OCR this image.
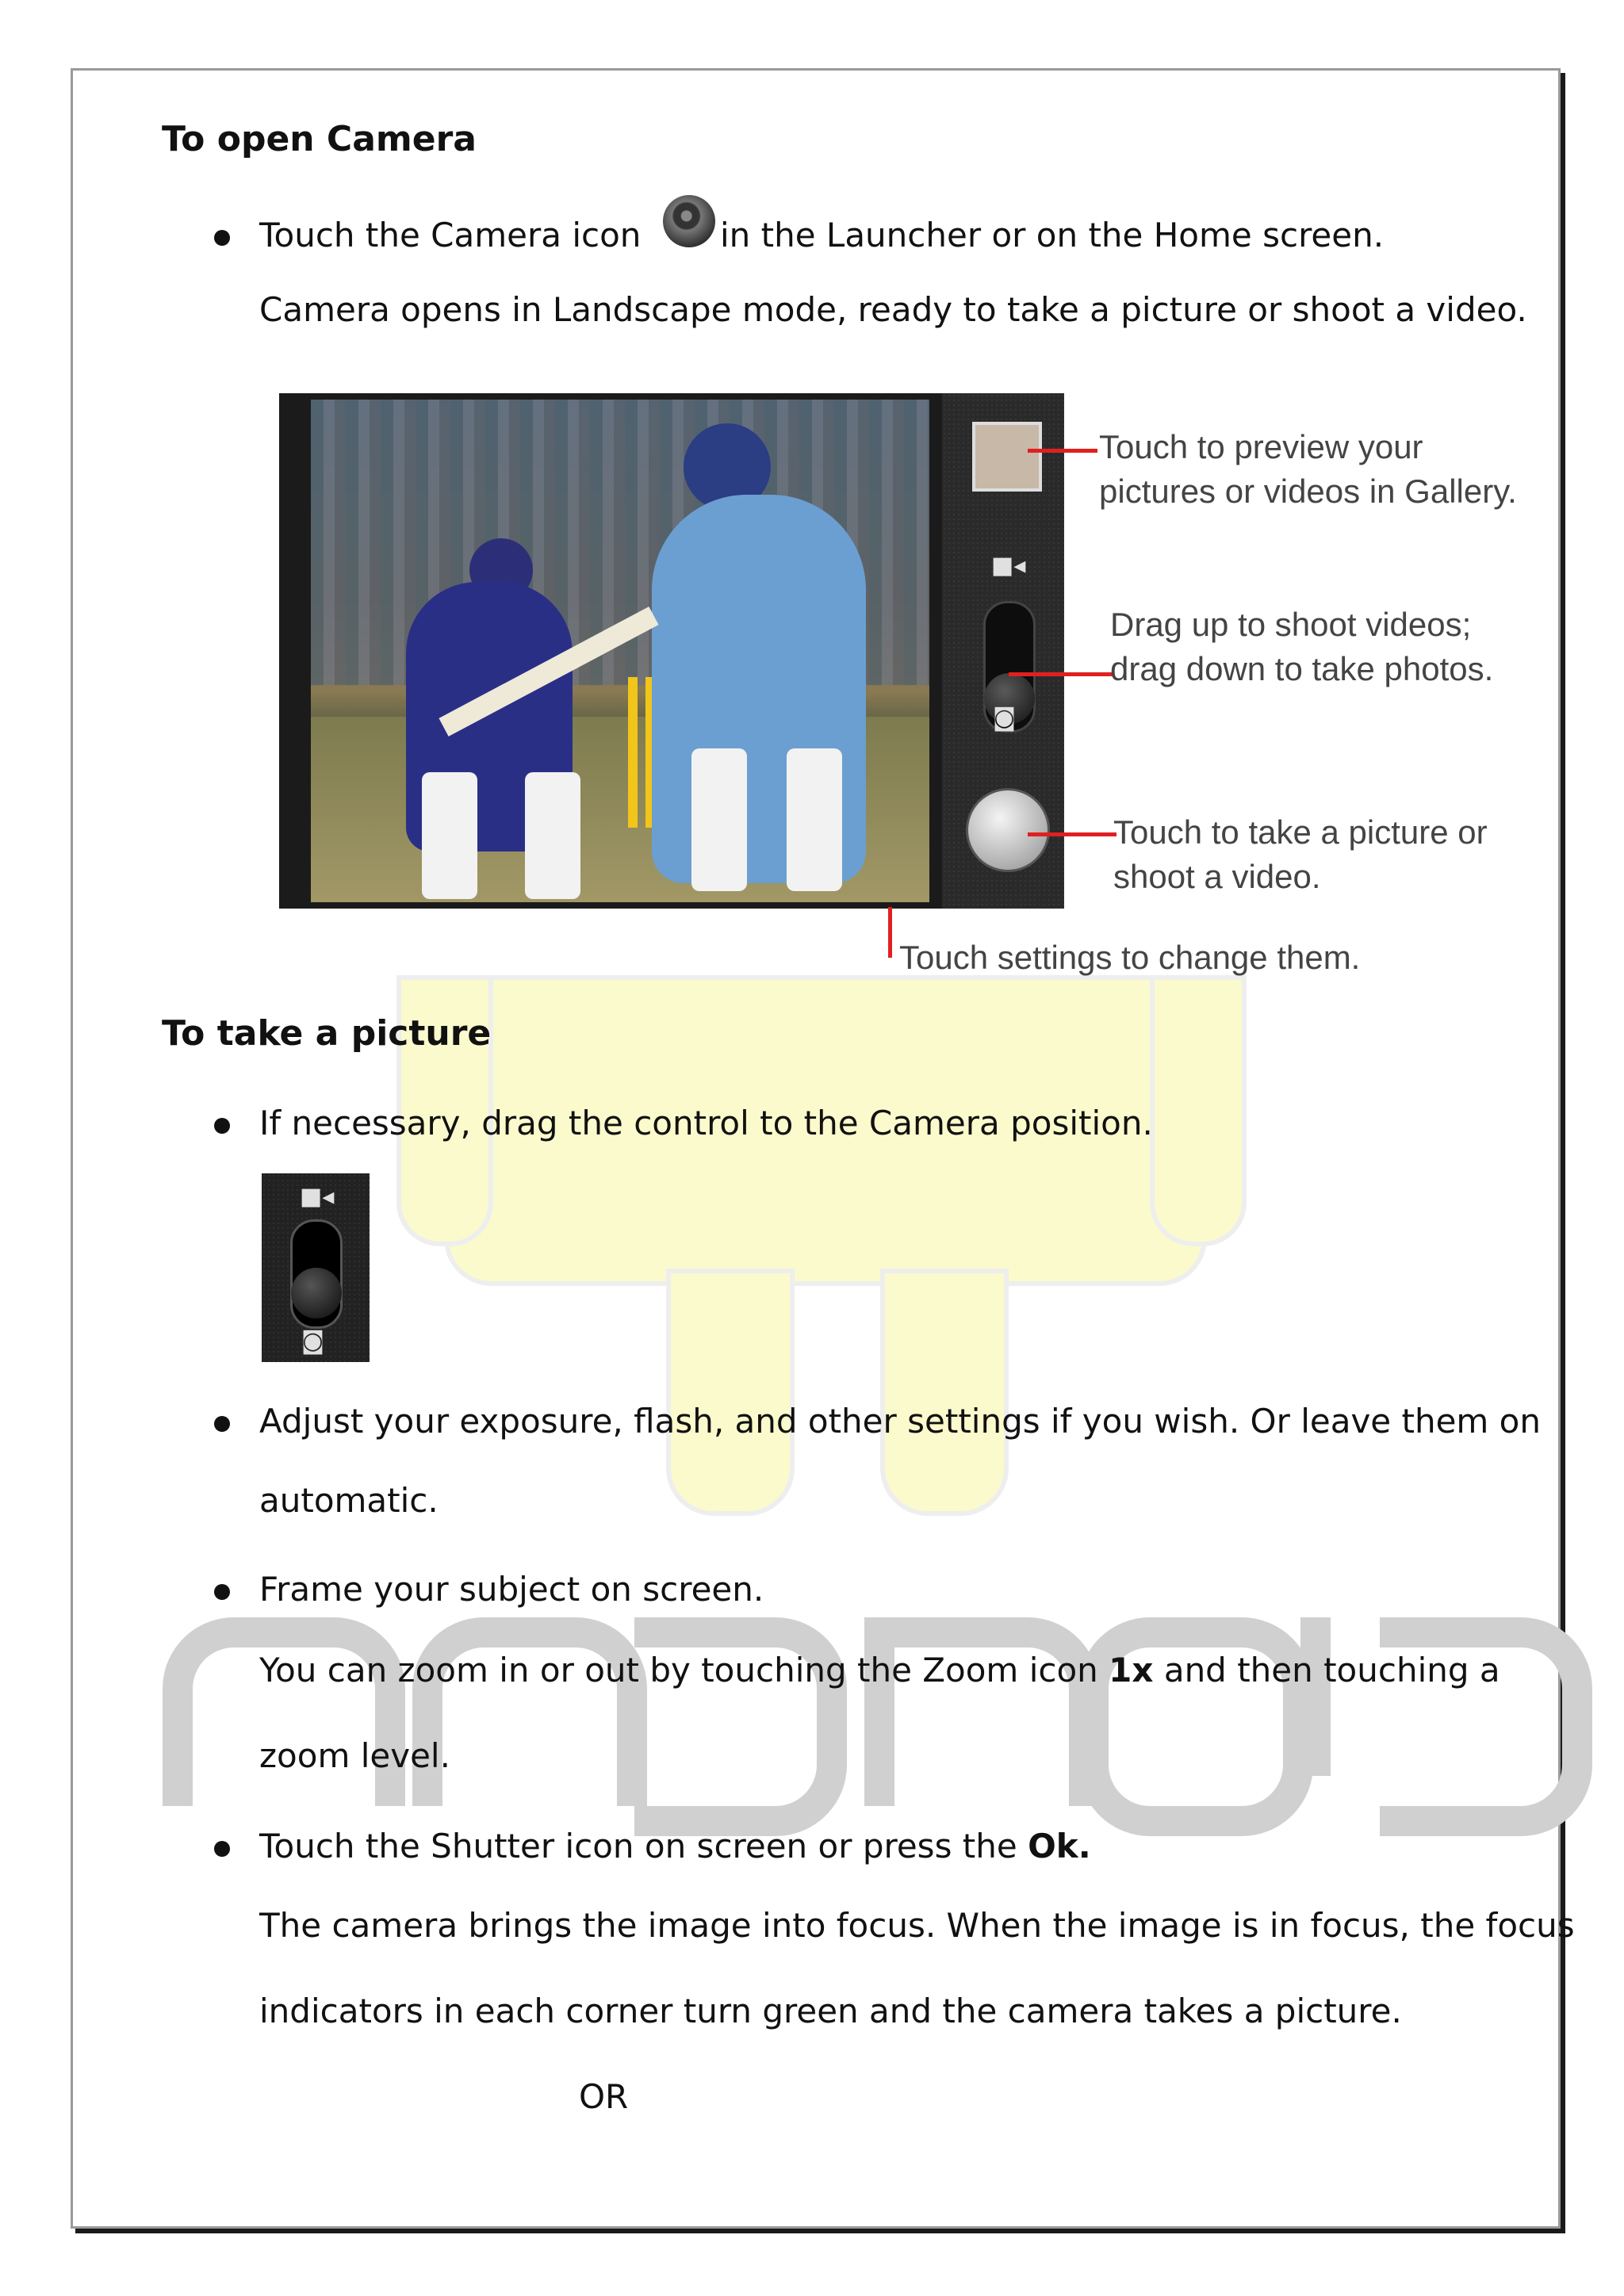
To open Camera
Touch the Camera icon in the Launcher or on the Home screen.
Camera opens in Landscape mode, ready to take a picture or shoot a video.
■◂
◙
Touch to preview your
pictures or videos in Gallery.
Drag up to shoot videos;
drag down to take photos.
Touch to take a picture or
shoot a video.
Touch settings to change them.
To take a picture
If necessary, drag the control to the Camera position.
■◂
◙
Adjust your exposure, flash, and other settings if you wish. Or leave them on
automatic.
Frame your subject on screen.
You can zoom in or out by touching the Zoom icon 1x and then touching a
zoom level.
Touch the Shutter icon on screen or press the Ok.
The camera brings the image into focus. When the image is in focus, the focus
indicators in each corner turn green and the camera takes a picture.
OR
